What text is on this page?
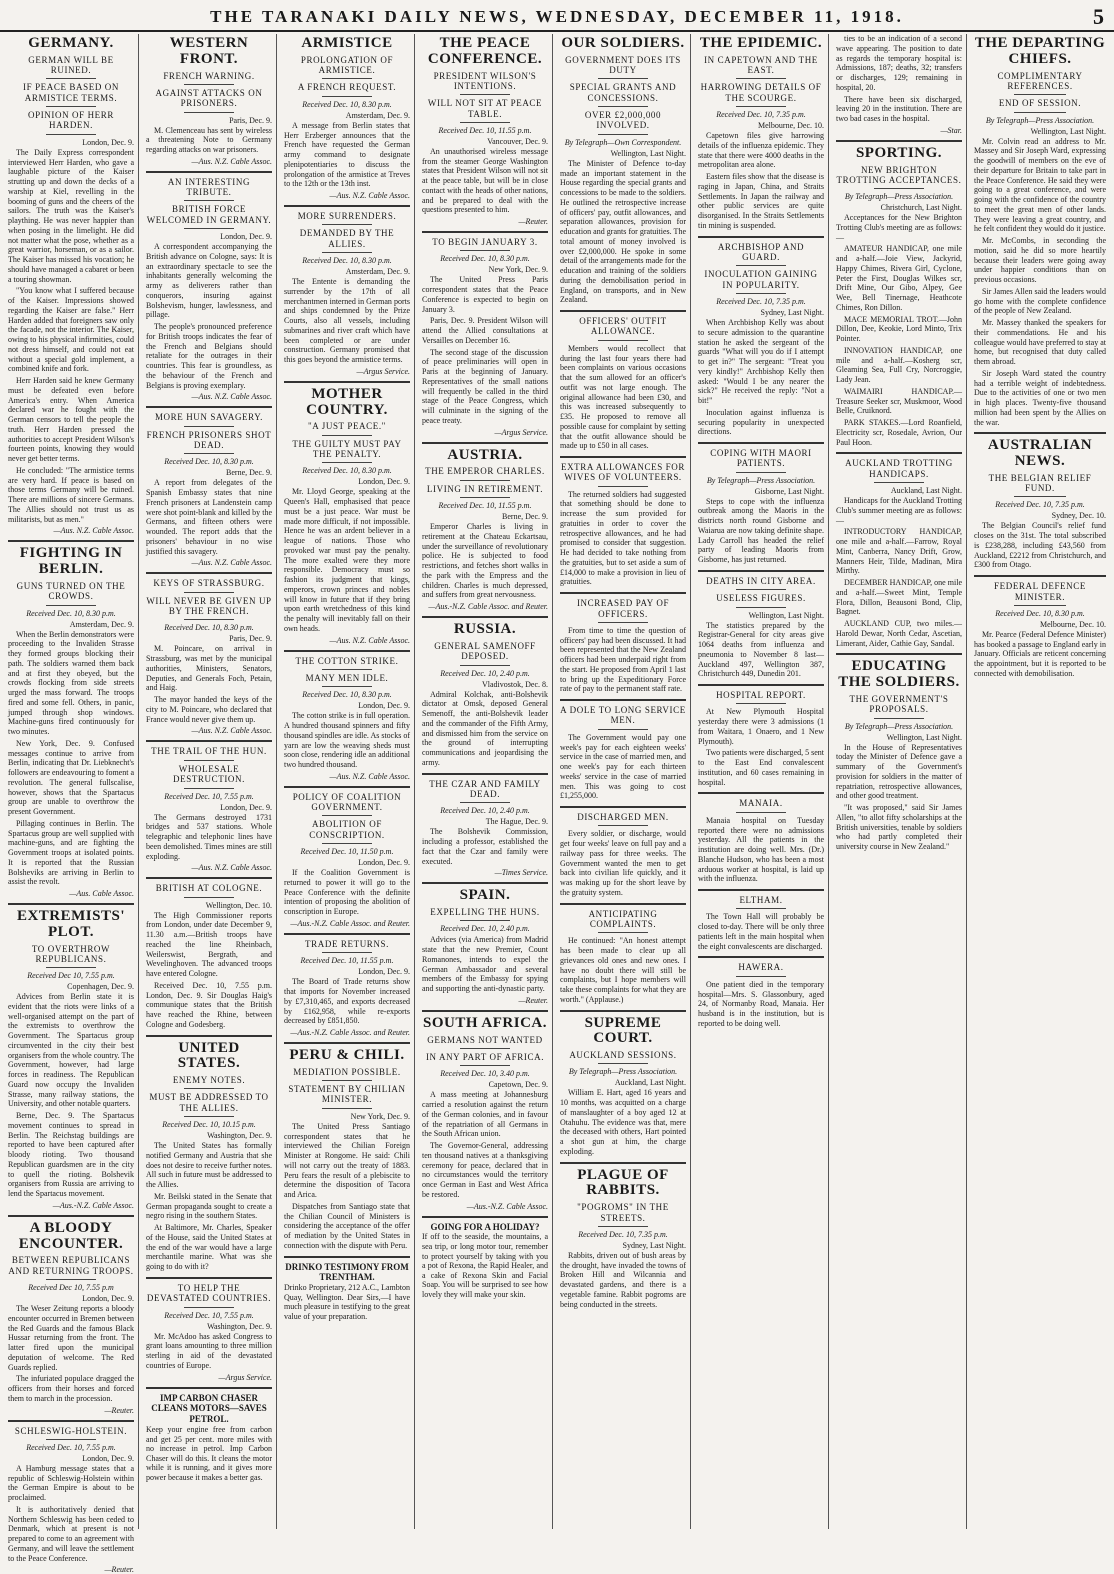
THE TARANAKI DAILY NEWS, WEDNESDAY, DECEMBER 11, 1918.	5
GERMANY.
GERMAN WILL BE RUINED.
IF PEACE BASED ON ARMISTICE TERMS.
OPINION OF HERR HARDEN.
London, Dec. 9.

The Daily Express correspondent interviewed Herr Harden, who gave a laughable picture of the Kaiser strutting up and down the decks of a warship at Kiel, revelling in the booming of guns and the cheers of the sailors. The truth was the Kaiser's plaything. He was never happier than when posing in the limelight. He did not matter what the pose, whether as a great warrior, horseman, or as a sailor. The Kaiser has missed his vocation; he should have managed a cabaret or been a touring showman.

"You know what I suffered because of the Kaiser. Impressions showed regarding the Kaiser are false." Herr Harden added that foreigners saw only the facade, not the interior. The Kaiser, owing to his physical infirmities, could not dress himself, and could not eat without a special gold implement, a combined knife and fork.

Herr Harden said he knew Germany must be defeated even before America's entry. When America declared war he fought with the German censors to tell the people the truth. Herr Harden pressed the authorities to accept President Wilson's fourteen points, knowing they would never get better terms.

He concluded: "The armistice terms are very hard. If peace is based on those terms Germany will be ruined. There are millions of sincere Germans. The Allies should not trust us as militarists, but as men."

—Aus. N.Z. Cable Assoc.
FIGHTING IN BERLIN.
GUNS TURNED ON THE CROWDS.
Received Dec. 10, 8.30 p.m.
Amsterdam, Dec. 9.

When the Berlin demonstrators were proceeding to the Invaliden Strasse they formed groups blocking their path. The soldiers warned them back and at first they obeyed, but the crowds flocking from side streets urged the mass forward. The troops fired and some fell. Others, in panic, jumped through shop windows. Machine-guns fired continuously for two minutes.

New York, Dec. 9. Confused messages continue to arrive from Berlin, indicating that Dr. Liebknecht's followers are endeavouring to foment a revolution. The general fullscalise, however, shows that the Spartacus group are unable to overthrow the present Government.

Pillaging continues in Berlin. The Spartacus group are well supplied with machine-guns, and are fighting the Government troops at isolated points. It is reported that the Russian Bolsheviks are arriving in Berlin to assist the revolt.

—Aus. Cable Assoc.
EXTREMISTS' PLOT.
TO OVERTHROW REPUBLICANS.
Received Dec 10, 7.55 p.m.
Copenhagen, Dec. 9.

Advices from Berlin state it is evident that the riots were links of a well-organised attempt on the part of the extremists to overthrow the Government. The Spartacus group circumvented in the city their best organisers from the whole country. The Government, however, had large forces in readiness. The Republican Guard now occupy the Invaliden Strasse, many railway stations, the University, and other notable quarters.

Berne, Dec. 9. The Spartacus movement continues to spread in Berlin. The Reichstag buildings are reported to have been captured after bloody rioting. Two thousand Republican guardsmen are in the city to quell the rioting. Bolshevik organisers from Russia are arriving to lend the Spartacus movement.

—Aus.-N.Z. Cable Assoc.
A BLOODY ENCOUNTER.
BETWEEN REPUBLICANS AND RETURNING TROOPS.
Received Dec 10, 7.55 p.m
London, Dec. 9.

The Weser Zeitung reports a bloody encounter occurred in Bremen between the Red Guards and the famous Black Hussar returning from the front. The latter fired upon the municipal deputation of welcome. The Red Guards replied.

The infuriated populace dragged the officers from their horses and forced them to march in the procession.

—Reuter.
SCHLESWIG-HOLSTEIN.
Received Dec. 10, 7.55 p.m.
London, Dec. 9.

A Hamburg message states that a republic of Schleswig-Holstein within the German Empire is about to be proclaimed.

It is authoritatively denied that Northern Schleswig has been ceded to Denmark, which at present is not prepared to come to an agreement with Germany, and will leave the settlement to the Peace Conference.

—Reuter.
WESTERN FRONT.
FRENCH WARNING.
AGAINST ATTACKS ON PRISONERS.
Paris, Dec. 9.

M. Clemenceau has sent by wireless a threatening Note to Germany regarding attacks on war prisoners.

—Aus. N.Z. Cable Assoc.
AN INTERESTING TRIBUTE.
BRITISH FORCE WELCOMED IN GERMANY.
London, Dec. 9.

A correspondent accompanying the British advance on Cologne, says: It is an extraordinary spectacle to see the inhabitants generally welcoming the army as deliverers rather than conquerors, insuring against Bolshevism, hunger, lawlessness, and pillage.

The people's pronounced preference for British troops indicates the fear of the French and Belgians should retaliate for the outrages in their countries. This fear is groundless, as the behaviour of the French and Belgians is proving exemplary.

—Aus. N.Z. Cable Assoc.
MORE HUN SAVAGERY.
FRENCH PRISONERS SHOT DEAD.
Received Dec. 10, 8.30 p.m.
Berne, Dec. 9.

A report from delegates of the Spanish Embassy states that nine French prisoners at Landenstein camp were shot point-blank and killed by the Germans, and fifteen others were wounded. The report adds that the prisoners' behaviour in no wise justified this savagery.

—Aus. N.Z. Cable Assoc.
KEYS OF STRASSBURG.
WILL NEVER BE GIVEN UP BY THE FRENCH.
Received Dec. 10, 8.30 p.m.
Paris, Dec. 9.

M. Poincare, on arrival in Strassburg, was met by the municipal authorities, Ministers, Senators, Deputies, and Generals Foch, Petain, and Haig.

The mayor handed the keys of the city to M. Poincare, who declared that France would never give them up.

—Aus. N.Z. Cable Assoc.
THE TRAIL OF THE HUN.
WHOLESALE DESTRUCTION.
Received Dec. 10, 7.55 p.m.
London, Dec. 9.

The Germans destroyed 1731 bridges and 537 stations. Whole telegraphic and telephonic lines have been demolished. Times mines are still exploding.

—Aus. N.Z. Cable Assoc.
BRITISH AT COLOGNE.
Wellington, Dec. 10.

The High Commissioner reports from London, under date December 9, 11.30 a.m.—British troops have reached the line Rheinbach, Weilerswist, Bergrath, and Wevelinghoven. The advanced troops have entered Cologne.

Received Dec. 10, 7.55 p.m. London, Dec. 9. Sir Douglas Haig's communique states that the British have reached the Rhine, between Cologne and Godesberg.

UNITED STATES.
ENEMY NOTES.
MUST BE ADDRESSED TO THE ALLIES.
Received Dec. 10, 10.15 p.m.
Washington, Dec. 9.

The United States has formally notified Germany and Austria that she does not desire to receive further notes. All such in future must be addressed to the Allies.

Mr. Beilski stated in the Senate that German propaganda sought to create a negro rising in the southern States.

At Baltimore, Mr. Charles, Speaker of the House, said the United States at the end of the war would have a large merchantile marine. What was she going to do with it?

TO HELP THE DEVASTATED COUNTRIES.
Received Dec. 10, 7.55 p.m.
Washington, Dec. 9.

Mr. McAdoo has asked Congress to grant loans amounting to three million sterling in aid of the devastated countries of Europe.

—Argus Service.
IMP CARBON CHASER CLEANS MOTORS—SAVES PETROL.
Keep your engine free from carbon and get 25 per cent. more miles with no increase in petrol. Imp Carbon Chaser will do this. It cleans the motor while it is running, and it gives more power because it makes a better gas.
ARMISTICE
PROLONGATION OF ARMISTICE.
A FRENCH REQUEST.
Received Dec. 10, 8.30 p.m.
Amsterdam, Dec. 9.

A message from Berlin states that Herr Erzberger announces that the French have requested the German army command to designate plenipotentiaries to discuss the prolongation of the armistice at Treves to the 12th or the 13th inst.

—Aus. N.Z. Cable Assoc.
MORE SURRENDERS.
DEMANDED BY THE ALLIES.
Received Dec. 10, 8.30 p.m.
Amsterdam, Dec. 9.

The Entente is demanding the surrender by the 17th of all merchantmen interned in German ports and ships condemned by the Prize Courts, also all vessels, including submarines and river craft which have been completed or are under construction. Germany promised that this goes beyond the armistice terms.

—Argus Service.
MOTHER COUNTRY.
"A JUST PEACE."
THE GUILTY MUST PAY THE PENALTY.
Received Dec. 10, 8.30 p.m.
London, Dec. 9.

Mr. Lloyd George, speaking at the Queen's Hall, emphasised that peace must be a just peace. War must be made more difficult, if not impossible. Hence he was an ardent believer in a league of nations. Those who provoked war must pay the penalty. The more exalted were they more responsible. Democracy must so fashion its judgment that kings, emperors, crown princes and nobles will know in future that if they bring upon earth wretchedness of this kind the penalty will inevitably fall on their own heads.

—Aus. N.Z. Cable Assoc.
THE COTTON STRIKE.
MANY MEN IDLE.
Received Dec. 10, 8.30 p.m.
London, Dec. 9.

The cotton strike is in full operation. A hundred thousand spinners and fifty thousand spindles are idle. As stocks of yarn are low the weaving sheds must soon close, rendering idle an additional two hundred thousand.

—Aus. N.Z. Cable Assoc.
POLICY OF COALITION GOVERNMENT.
ABOLITION OF CONSCRIPTION.
Received Dec. 10, 11.50 p.m.
London, Dec. 9.

If the Coalition Government is returned to power it will go to the Peace Conference with the definite intention of proposing the abolition of conscription in Europe.

—Aus.-N.Z. Cable Assoc. and Reuter.
TRADE RETURNS.
Received Dec. 10, 11.55 p.m.
London, Dec. 9.

The Board of Trade returns show that imports for November increased by £7,310,465, and exports decreased by £162,958, while re-exports decreased by £851,850.

—Aus.-N.Z. Cable Assoc. and Reuter.
PERU & CHILI.
MEDIATION POSSIBLE.
STATEMENT BY CHILIAN MINISTER.
New York, Dec. 9.

The United Press Santiago correspondent states that he interviewed the Chilian Foreign Minister at Rongome. He said: Chili will not carry out the treaty of 1883. Peru fears the result of a plebiscite to determine the disposition of Tacora and Arica.

Dispatches from Santiago state that the Chilian Council of Ministers is considering the acceptance of the offer of mediation by the United States in connection with the dispute with Peru.

DRINKO TESTIMONY FROM TRENTHAM.
Drinko Proprietary, 212 A.C., Lambton Quay, Wellington. Dear Sirs,—I have much pleasure in testifying to the great value of your preparation.
THE PEACE CONFERENCE.
PRESIDENT WILSON'S INTENTIONS.
WILL NOT SIT AT PEACE TABLE.
Received Dec. 10, 11.55 p.m.
Vancouver, Dec. 9.

An unauthorised wireless message from the steamer George Washington states that President Wilson will not sit at the peace table, but will be in close contact with the heads of other nations, and be prepared to deal with the questions presented to him.

—Reuter.
TO BEGIN JANUARY 3.
Received Dec. 10, 8.30 p.m.
New York, Dec. 9.

The United Press Paris correspondent states that the Peace Conference is expected to begin on January 3.

Paris, Dec. 9. President Wilson will attend the Allied consultations at Versailles on December 16.

The second stage of the discussion of peace preliminaries will open in Paris at the beginning of January. Representatives of the small nations will frequently be called in the third stage of the Peace Congress, which will culminate in the signing of the peace treaty.

—Argus Service.
AUSTRIA.
THE EMPEROR CHARLES.
LIVING IN RETIREMENT.
Received Dec. 10, 11.55 p.m.
Berne, Dec. 9.

Emperor Charles is living in retirement at the Chateau Eckartsau, under the surveillance of revolutionary police. He is subjected to food restrictions, and fetches short walks in the park with the Empress and the children. Charles is much depressed, and suffers from great nervousness.

—Aus.-N.Z. Cable Assoc. and Reuter.
RUSSIA.
GENERAL SAMENOFF DEPOSED.
Received Dec. 10, 2.40 p.m.
Vladivostok, Dec. 8.

Admiral Kolchak, anti-Bolshevik dictator at Omsk, deposed General Semenoff, the anti-Bolshevik leader and the commander of the Fifth Army, and dismissed him from the service on the ground of interrupting communications and jeopardising the army.

THE CZAR AND FAMILY DEAD.
Received Dec. 10, 2.40 p.m.
The Hague, Dec. 9.

The Bolshevik Commission, including a professor, established the fact that the Czar and family were executed.

—Times Service.
SPAIN.
EXPELLING THE HUNS.
Received Dec. 10, 2.40 p.m.

Advices (via America) from Madrid state that the new Premier, Count Romanones, intends to expel the German Ambassador and several members of the Embassy for spying and supporting the anti-dynastic party.

—Reuter.
SOUTH AFRICA.
GERMANS NOT WANTED
IN ANY PART OF AFRICA.
Received Dec. 10, 3.40 p.m.
Capetown, Dec. 9.

A mass meeting at Johannesburg carried a resolution against the return of the German colonies, and in favour of the repatriation of all Germans in the South African union.

The Governor-General, addressing ten thousand natives at a thanksgiving ceremony for peace, declared that in no circumstances would the territory once German in East and West Africa be restored.

—Aus.-N.Z. Cable Assoc.
GOING FOR A HOLIDAY?
If off to the seaside, the mountains, a sea trip, or long motor tour, remember to protect yourself by taking with you a pot of Rexona, the Rapid Healer, and a cake of Rexona Skin and Facial Soap. You will be surprised to see how lovely they will make your skin.
OUR SOLDIERS.
GOVERNMENT DOES ITS DUTY
SPECIAL GRANTS AND CONCESSIONS.
OVER £2,000,000 INVOLVED.
By Telegraph—Own Correspondent.
Wellington, Last Night.

The Minister of Defence to-day made an important statement in the House regarding the special grants and concessions to be made to the soldiers. He outlined the retrospective increase of officers' pay, outfit allowances, and separation allowances, provision for education and grants for gratuities. The total amount of money involved is over £2,000,000. He spoke in some detail of the arrangements made for the education and training of the soldiers during the demobilisation period in England, on transports, and in New Zealand.

OFFICERS' OUTFIT ALLOWANCE.

Members would recollect that during the last four years there had been complaints on various occasions that the sum allowed for an officer's outfit was not large enough. The original allowance had been £30, and this was increased subsequently to £35. He proposed to remove all possible cause for complaint by setting that the outfit allowance should be made up to £50 in all cases.

EXTRA ALLOWANCES FOR WIVES OF VOLUNTEERS.

The returned soldiers had suggested that something should be done to increase the sum provided for gratuities in order to cover the retrospective allowances, and he had promised to consider that suggestion. He had decided to take nothing from the gratuities, but to set aside a sum of £14,000 to make a provision in lieu of gratuities.

INCREASED PAY OF OFFICERS.

From time to time the question of officers' pay had been discussed. It had been represented that the New Zealand officers had been underpaid right from the start. He proposed from April 1 last to bring up the Expeditionary Force rate of pay to the permanent staff rate.

A DOLE TO LONG SERVICE MEN.

The Government would pay one week's pay for each eighteen weeks' service in the case of married men, and one week's pay for each thirteen weeks' service in the case of married men. This was going to cost £1,255,000.

DISCHARGED MEN.

Every soldier, or discharge, would get four weeks' leave on full pay and a railway pass for three weeks. The Government wanted the men to get back into civilian life quickly, and it was making up for the short leave by the gratuity system.

ANTICIPATING COMPLAINTS.

He continued: "An honest attempt has been made to clear up all grievances old ones and new ones. I have no doubt there will still be complaints, but I hope members will take these complaints for what they are worth." (Applause.)

SUPREME COURT.
AUCKLAND SESSIONS.
By Telegraph—Press Association.
Auckland, Last Night.

William E. Hart, aged 16 years and 10 months, was acquitted on a charge of manslaughter of a boy aged 12 at Otahuhu. The evidence was that, mere the deceased with others, Hart pointed a shot gun at him, the charge exploding.

PLAGUE OF RABBITS.
"POGROMS" IN THE STREETS.
Received Dec. 10, 7.35 p.m.
Sydney, Last Night.

Rabbits, driven out of bush areas by the drought, have invaded the towns of Broken Hill and Wilcannia and devastated gardens, and there is a vegetable famine. Rabbit pogroms are being conducted in the streets.

THE EPIDEMIC.
IN CAPETOWN AND THE EAST.
HARROWING DETAILS OF THE SCOURGE.
Received Dec. 10, 7.35 p.m.
Melbourne, Dec. 10.

Capetown files give harrowing details of the influenza epidemic. They state that there were 4000 deaths in the metropolitan area alone.

Eastern files show that the disease is raging in Japan, China, and Straits Settlements. In Japan the railway and other public services are quite disorganised. In the Straits Settlements tin mining is suspended.

ARCHBISHOP AND GUARD.
INOCULATION GAINING IN POPULARITY.
Received Dec. 10, 7.35 p.m.
Sydney, Last Night.

When Archbishop Kelly was about to secure admission to the quarantine station he asked the sergeant of the guards "What will you do if I attempt to get in?" The sergeant: "Treat you very kindly!" Archbishop Kelly then asked: "Would I be any nearer the sick?" He received the reply: "Not a bit!"

Inoculation against influenza is securing popularity in unexpected directions.

COPING WITH MAORI PATIENTS.
By Telegraph—Press Association.
Gisborne, Last Night.

Steps to cope with the influenza outbreak among the Maoris in the districts north round Gisborne and Waiarua are now taking definite shape. Lady Carroll has headed the relief party of leading Maoris from Gisborne, has just returned.

DEATHS IN CITY AREA.
USELESS FIGURES.
Wellington, Last Night.

The statistics prepared by the Registrar-General for city areas give 1064 deaths from influenza and pneumonia to November 8 last—Auckland 497, Wellington 387, Christchurch 449, Dunedin 201.

HOSPITAL REPORT.

At New Plymouth Hospital yesterday there were 3 admissions (1 from Waitara, 1 Onaero, and 1 New Plymouth).

Two patients were discharged, 5 sent to the East End convalescent institution, and 60 cases remaining in hospital.

MANAIA.

Manaia hospital on Tuesday reported there were no admissions yesterday. All the patients in the institution are doing well. Mrs. (Dr.) Blanche Hudson, who has been a most arduous worker at hospital, is laid up with the influenza.

ELTHAM.

The Town Hall will probably be closed to-day. There will be only three patients left in the main hospital when the eight convalescents are discharged.

HAWERA.

One patient died in the temporary hospital—Mrs. S. Glassonbury, aged 24, of Normanby Road, Manaia. Her husband is in the institution, but is reported to be doing well.

ties to be an indication of a second wave appearing. The position to date as regards the temporary hospital is: Admissions, 187; deaths, 32; transfers or discharges, 129; remaining in hospital, 20.

There have been six discharged, leaving 20 in the institution. There are two bad cases in the hospital.

—Star.
SPORTING.
NEW BRIGHTON TROTTING ACCEPTANCES.
By Telegraph—Press Association.
Christchurch, Last Night.

Acceptances for the New Brighton Trotting Club's meeting are as follows:—

AMATEUR HANDICAP, one mile and a-half.—Joie View, Jackyrid, Happy Chimes, Rivera Girl, Cyclone, Peter the First, Douglas Wilkes scr, Drift Mine, Our Gibo, Alpey, Gee Wee, Bell Tinernage, Heathcote Chimes, Ron Dillon.

MACE MEMORIAL TROT.—John Dillon, Dee, Keokie, Lord Minto, Trix Pointer.

INNOVATION HANDICAP, one mile and a-half.—Kosherg scr, Gleaming Sea, Full Cry, Norcroggie, Lady Jean.

WAIMAIRI HANDICAP.—Treasure Seeker scr, Muskmoor, Wood Belle, Cruiknord.

PARK STAKES.—Lord Roanfield, Electricity scr, Rosedale, Avrion, Our Paul Hoon.

AUCKLAND TROTTING HANDICAPS.
Auckland, Last Night.

Handicaps for the Auckland Trotting Club's summer meeting are as follows:—

INTRODUCTORY HANDICAP, one mile and a-half.—Farrow, Royal Mint, Canberra, Nancy Drift, Grow, Manners Heir, Tilde, Madinan, Mira Mirthy.

DECEMBER HANDICAP, one mile and a-half.—Sweet Mint, Temple Flora, Dillon, Beausoni Bond, Clip, Bagnet.

AUCKLAND CUP, two miles.—Harold Dewar, North Cedar, Ascetian, Limerant, Aider, Cathie Gay, Sandal.

EDUCATING THE SOLDIERS.
THE GOVERNMENT'S PROPOSALS.
By Telegraph—Press Association.
Wellington, Last Night.

In the House of Representatives today the Minister of Defence gave a summary of the Government's provision for soldiers in the matter of repatriation, retrospective allowances, and other good treatment.

"It was proposed," said Sir James Allen, "to allot fifty scholarships at the British universities, tenable by soldiers who had partly completed their university course in New Zealand."

THE DEPARTING CHIEFS.
COMPLIMENTARY REFERENCES.
END OF SESSION.
By Telegraph—Press Association.
Wellington, Last Night.

Mr. Colvin read an address to Mr. Massey and Sir Joseph Ward, expressing the goodwill of members on the eve of their departure for Britain to take part in the Peace Conference. He said they were going to a great conference, and were going with the confidence of the country to meet the great men of other lands. They were leaving a great country, and he felt confident they would do it justice.

Mr. McCombs, in seconding the motion, said he did so more heartily because their leaders were going away under happier conditions than on previous occasions.

Sir James Allen said the leaders would go home with the complete confidence of the people of New Zealand.

Mr. Massey thanked the speakers for their commendations. He and his colleague would have preferred to stay at home, but recognised that duty called them abroad.

Sir Joseph Ward stated the country had a terrible weight of indebtedness. Due to the activities of one or two men in high places. Twenty-five thousand million had been spent by the Allies on the war.

AUSTRALIAN NEWS.
THE BELGIAN RELIEF FUND.
Received Dec. 10, 7.35 p.m.
Sydney, Dec. 10.

The Belgian Council's relief fund closes on the 31st. The total subscribed is £238,288, including £43,560 from Auckland, £2212 from Christchurch, and £300 from Otago.

FEDERAL DEFENCE MINISTER.
Received Dec. 10, 8.30 p.m.
Melbourne, Dec. 10.

Mr. Pearce (Federal Defence Minister) has booked a passage to England early in January. Officials are reticent concerning the appointment, but it is reported to be connected with demobilisation.
